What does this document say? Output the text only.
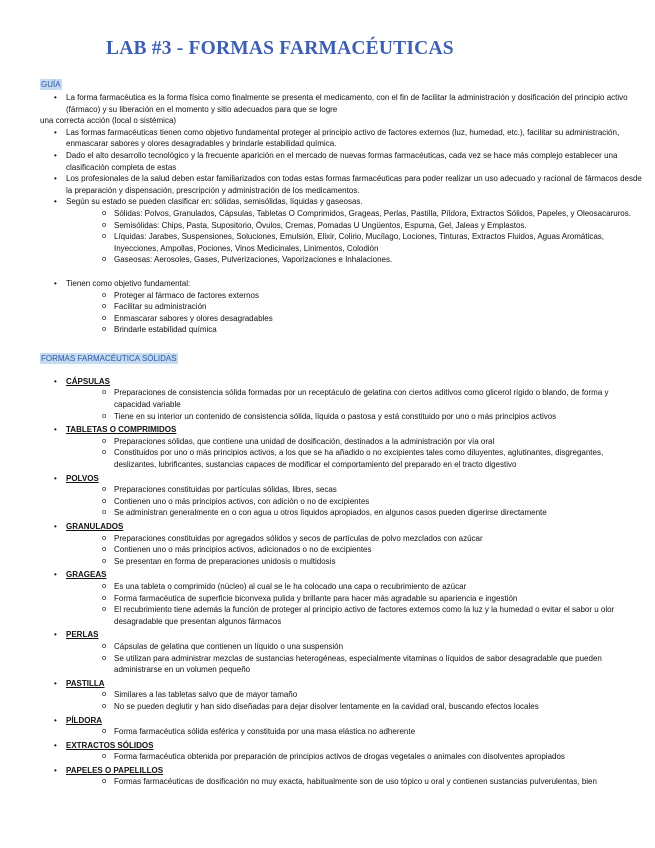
LAB #3 - FORMAS FARMACÉUTICAS
GUÍA
• La forma farmacéutica es la forma física como finalmente se presenta el medicamento, con el fin de facilitar la administración y dosificación del principio activo (fármaco) y su liberación en el momento y sitio adecuados para que se logre
una correcta acción (local o sistémica)
• Las formas farmacéuticas tienen como objetivo fundamental proteger al principio activo de factores externos (luz, humedad, etc.), facilitar su administración, enmascarar sabores y olores desagradables y brindarle estabilidad química.
• Dado el alto desarrollo tecnológico y la frecuente aparición en el mercado de nuevas formas farmacéuticas, cada vez se hace más complejo establecer una clasificación completa de estas
• Los profesionales de la salud deben estar familiarizados con todas estas formas farmacéuticas para poder realizar un uso adecuado y racional de fármacos desde la preparación y dispensación, prescripción y administración de los medicamentos.
• Según su estado se pueden clasificar en: sólidas, semisólidas, líquidas y gaseosas.
o Sólidas: Polvos, Granulados, Cápsulas, Tabletas O Comprimidos, Grageas, Perlas, Pastilla, Píldora, Extractos Sólidos, Papeles, y Oleosacaruros.
o Semisólidas: Chips, Pasta, Supositorio, Óvulos, Cremas, Pomadas U Ungüentos, Espuma, Gel, Jaleas y Emplastos.
o Líquidas: Jarabes, Suspensiones, Soluciones, Emulsión, Elixir, Colirio, Mucílago, Lociones, Tinturas, Extractos Fluidos, Aguas Aromáticas, Inyecciones, Ampollas, Pociones, Vinos Medicinales, Linimentos, Colodión
o Gaseosas: Aerosoles, Gases, Pulverizaciones, Vaporizaciones e Inhalaciones.
• Tienen como objetivo fundamental:
o Proteger al fármaco de factores externos
o Facilitar su administración
o Enmascarar sabores y olores desagradables
o Brindarle estabilidad química
FORMAS FARMACÉUTICA SÓLIDAS
• CÁPSULAS
o Preparaciones de consistencia sólida formadas por un receptáculo de gelatina con ciertos aditivos como glicerol rígido o blando, de forma y capacidad variable
o Tiene en su interior un contenido de consistencia sólida, líquida o pastosa y está constituido por uno o más principios activos
• TABLETAS O COMPRIMIDOS
o Preparaciones sólidas, que contiene una unidad de dosificación, destinados a la administración por vía oral
o Constituidos por uno o más principios activos, a los que se ha añadido o no excipientes tales como diluyentes, aglutinantes, disgregantes, deslizantes, lubrificantes, sustancias capaces de modificar el comportamiento del preparado en el tracto digestivo
• POLVOS
o Preparaciones constituidas por partículas sólidas, libres, secas
o Contienen uno o más principios activos, con adición o no de excipientes
o Se administran generalmente en o con agua u otros líquidos apropiados, en algunos casos pueden digerirse directamente
• GRANULADOS
o Preparaciones constituidas por agregados sólidos y secos de partículas de polvo mezclados con azúcar
o Contienen uno o más principios activos, adicionados o no de excipientes
o Se presentan en forma de preparaciones unidosis o multidosis
• GRAGEAS
o Es una tableta o comprimido (núcleo) al cual se le ha colocado una capa o recubrimiento de azúcar
o Forma farmacéutica de superficie biconvexa pulida y brillante para hacer más agradable su apariencia e ingestión
o El recubrimiento tiene además la función de proteger al principio activo de factores externos como la luz y la humedad o evitar el sabor u olor desagradable que presentan algunos fármacos
• PERLAS
o Cápsulas de gelatina que contienen un líquido o una suspensión
o Se utilizan para administrar mezclas de sustancias heterogéneas, especialmente vitaminas o líquidos de sabor desagradable que pueden administrarse en un volumen pequeño
• PASTILLA
o Similares a las tabletas salvo que de mayor tamaño
o No se pueden deglutir y han sido diseñadas para dejar disolver lentamente en la cavidad oral, buscando efectos locales
• PÍLDORA
o Forma farmacéutica sólida esférica y constituida por una masa elástica no adherente
• EXTRACTOS SÓLIDOS
o Forma farmacéutica obtenida por preparación de principios activos de drogas vegetales o animales con disolventes apropiados
• PAPELES O PAPELILLOS
o Formas farmacéuticas de dosificación no muy exacta, habitualmente son de uso tópico u oral y contienen sustancias pulverulentas, bien
